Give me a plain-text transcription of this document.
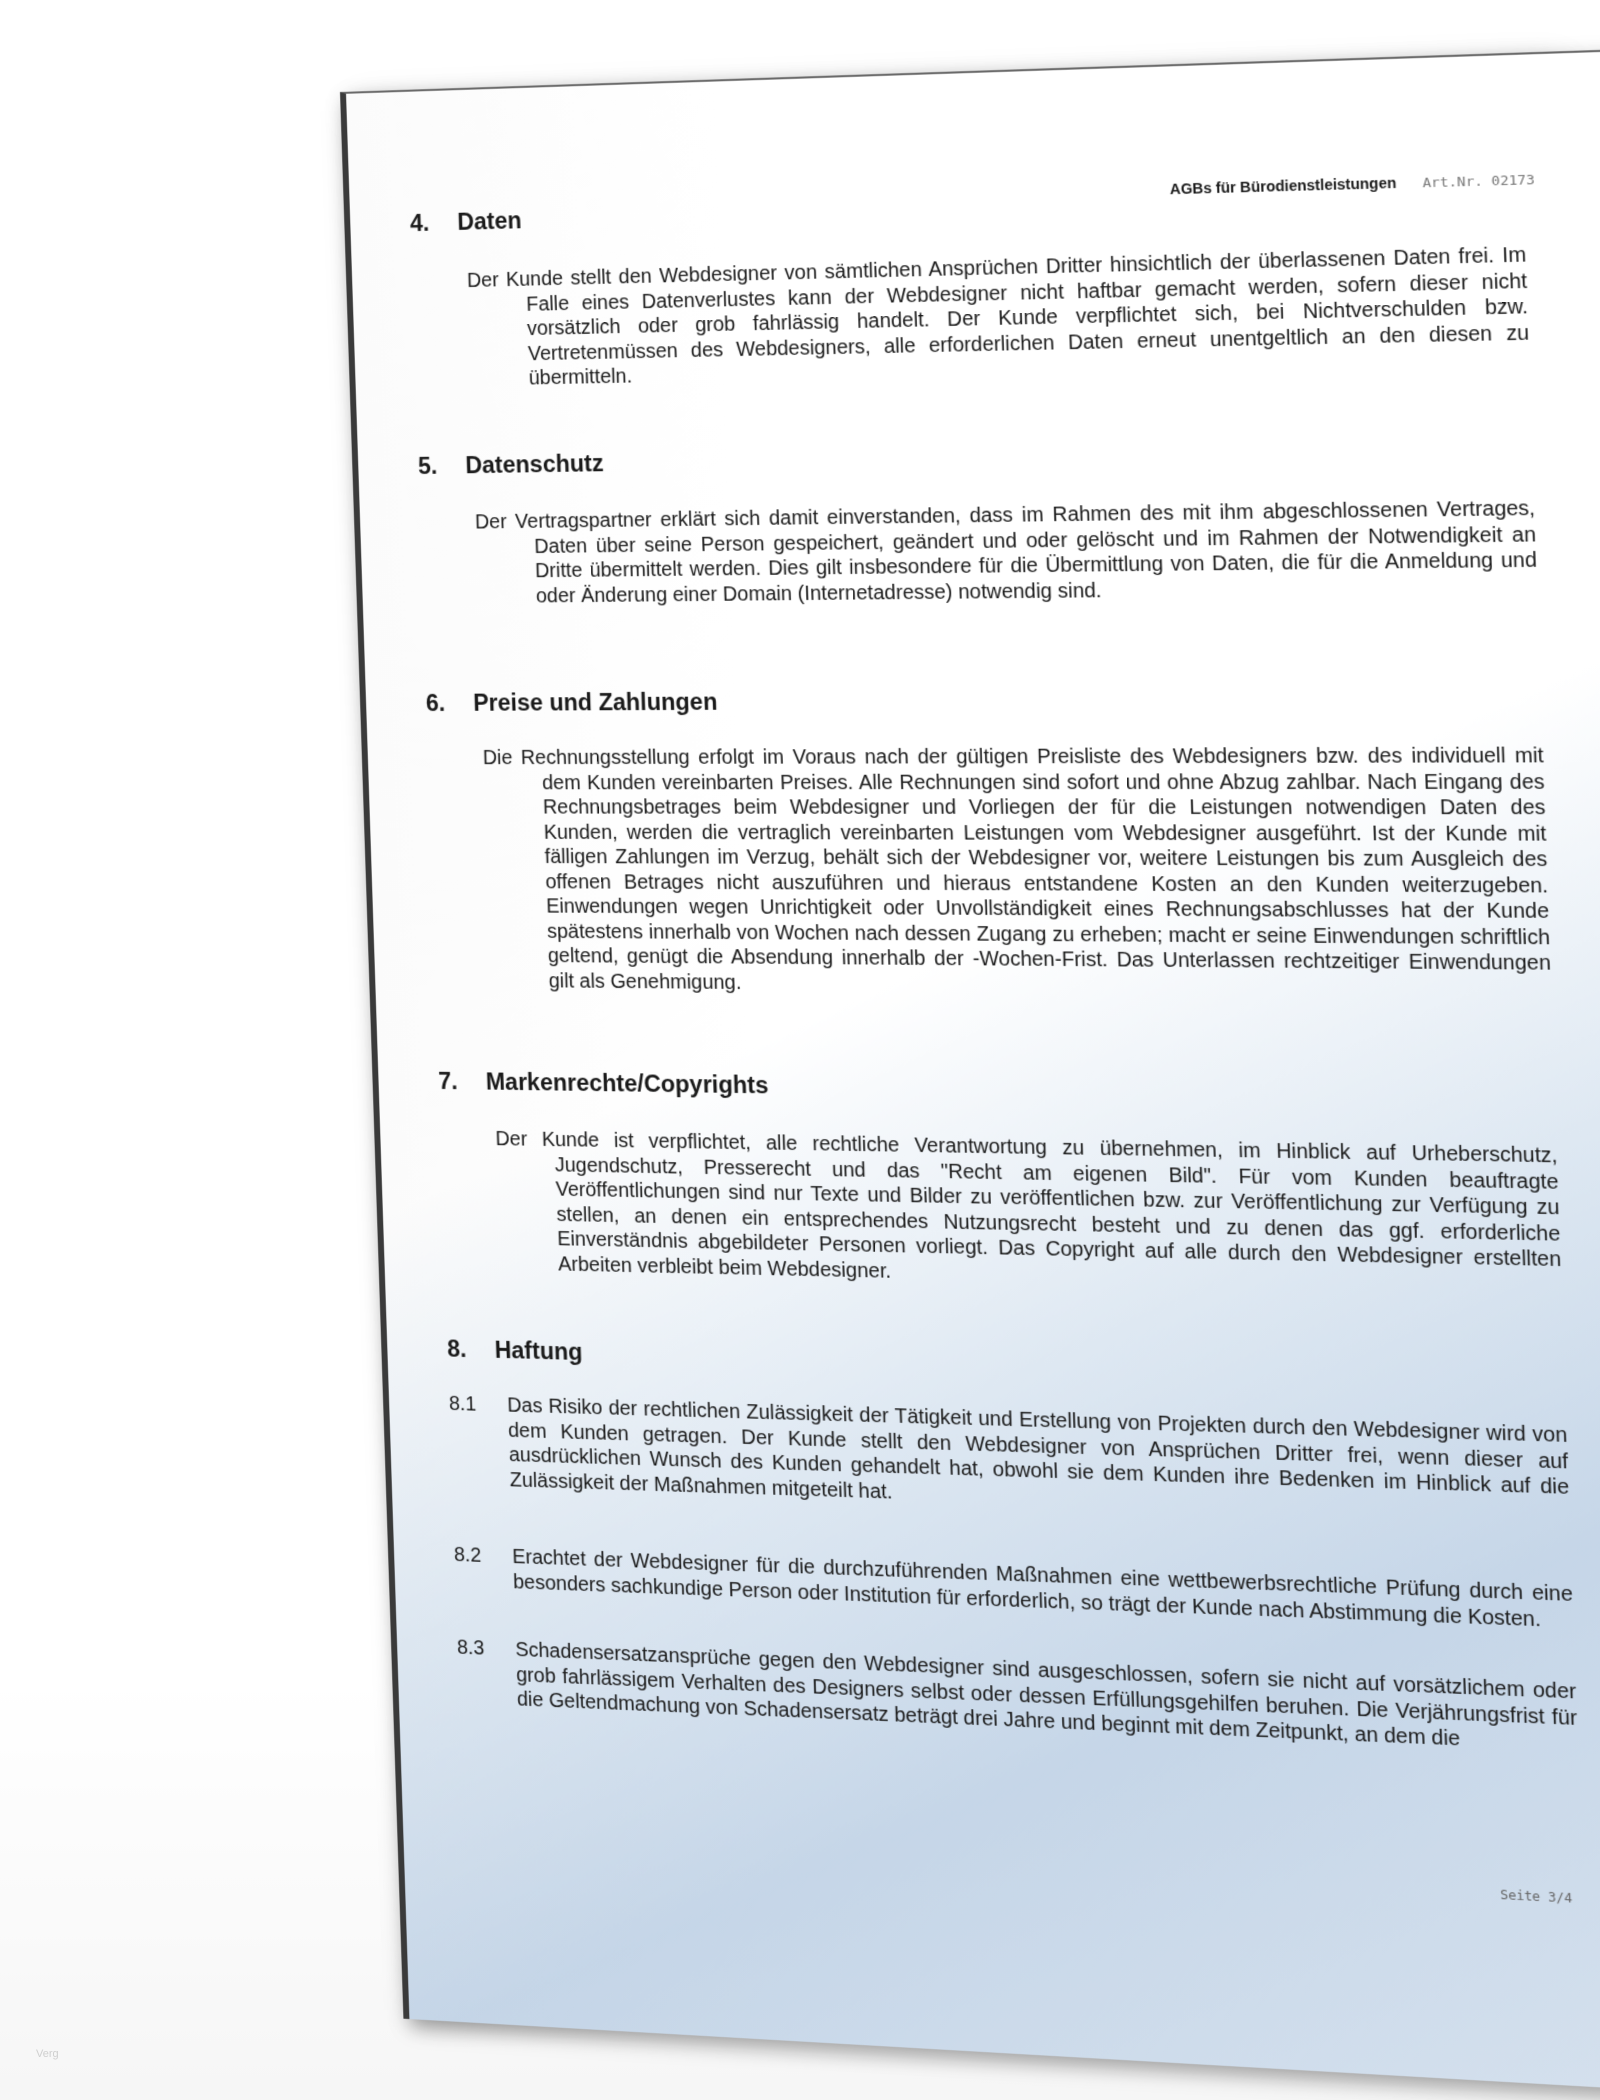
AGBs für Bürodienstleistungen Art.Nr. 02173
4. Daten
Der Kunde stellt den Webdesigner von sämtlichen Ansprüchen Dritter hinsichtlich der überlassenen Daten frei. Im Falle eines Datenverlustes kann der Webdesigner nicht haftbar gemacht werden, sofern dieser nicht vorsätzlich oder grob fahrlässig handelt. Der Kunde verpflichtet sich, bei Nichtverschulden bzw. Vertretenmüssen des Webdesigners, alle erforderlichen Daten erneut unentgeltlich an den diesen zu übermitteln.
5. Datenschutz
Der Vertragspartner erklärt sich damit einverstanden, dass im Rahmen des mit ihm abgeschlossenen Vertrages, Daten über seine Person gespeichert, geändert und oder gelöscht und im Rahmen der Notwendigkeit an Dritte übermittelt werden. Dies gilt insbesondere für die Übermittlung von Daten, die für die Anmeldung und oder Änderung einer Domain (Internetadresse) notwendig sind.
6. Preise und Zahlungen
Die Rechnungsstellung erfolgt im Voraus nach der gültigen Preisliste des Webdesigners bzw. des individuell mit dem Kunden vereinbarten Preises. Alle Rechnungen sind sofort und ohne Abzug zahlbar. Nach Eingang des Rechnungsbetrages beim Webdesigner und Vorliegen der für die Leistungen notwendigen Daten des Kunden, werden die vertraglich vereinbarten Leistungen vom Webdesigner ausgeführt. Ist der Kunde mit fälligen Zahlungen im Verzug, behält sich der Webdesigner vor, weitere Leistungen bis zum Ausgleich des offenen Betrages nicht auszuführen und hieraus entstandene Kosten an den Kunden weiterzugeben. Einwendungen wegen Unrichtigkeit oder Unvollständigkeit eines Rechnungsabschlusses hat der Kunde spätestens innerhalb von Wochen nach dessen Zugang zu erheben; macht er seine Einwendungen schriftlich geltend, genügt die Absendung innerhalb der -Wochen-Frist. Das Unterlassen rechtzeitiger Einwendungen gilt als Genehmigung.
7. Markenrechte/Copyrights
Der Kunde ist verpflichtet, alle rechtliche Verantwortung zu übernehmen, im Hinblick auf Urheberschutz, Jugendschutz, Presserecht und das "Recht am eigenen Bild". Für vom Kunden beauftragte Veröffentlichungen sind nur Texte und Bilder zu veröffentlichen bzw. zur Veröffentlichung zur Verfügung zu stellen, an denen ein entsprechendes Nutzungsrecht besteht und zu denen das ggf. erforderliche Einverständnis abgebildeter Personen vorliegt. Das Copyright auf alle durch den Webdesigner erstellten Arbeiten verbleibt beim Webdesigner.
8. Haftung
8.1	Das Risiko der rechtlichen Zulässigkeit der Tätigkeit und Erstellung von Projekten durch den Webdesigner wird von dem Kunden getragen. Der Kunde stellt den Webdesigner von Ansprüchen Dritter frei, wenn dieser auf ausdrücklichen Wunsch des Kunden gehandelt hat, obwohl sie dem Kunden ihre Bedenken im Hinblick auf die Zulässigkeit der Maßnahmen mitgeteilt hat.
8.2	Erachtet der Webdesigner für die durchzuführenden Maßnahmen eine wettbewerbsrechtliche Prüfung durch eine besonders sachkundige Person oder Institution für erforderlich, so trägt der Kunde nach Abstimmung die Kosten.
8.3	Schadensersatzansprüche gegen den Webdesigner sind ausgeschlossen, sofern sie nicht auf vorsätzlichem oder grob fahrlässigem Verhalten des Designers selbst oder dessen Erfüllungsgehilfen beruhen. Die Verjährungsfrist für die Geltendmachung von Schadensersatz beträgt drei Jahre und beginnt mit dem Zeitpunkt, an dem die
Seite 3/4
Verg
